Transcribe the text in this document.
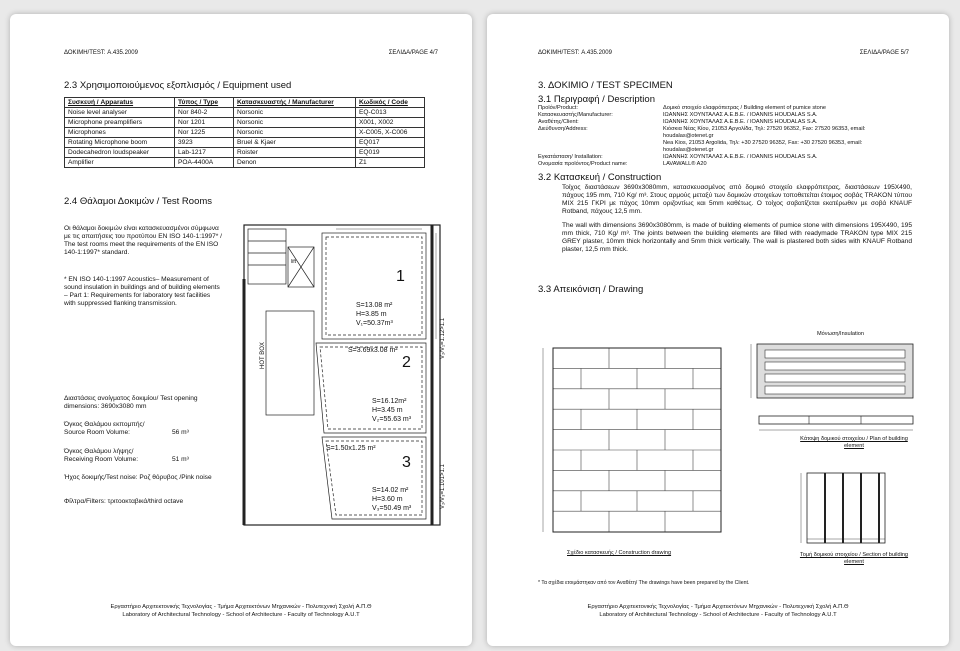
ΔΟΚΙΜΗ/TEST: Α.435.2009	ΣΕΛΙΔΑ/PAGE 4/7
2.3 Χρησιμοποιούμενος εξοπλισμός / Equipment used
Συσκευή / Apparatus	Τύπος / Type	Κατασκευαστής / Manufacturer	Κωδικός / Code
Noise level analyser	Nor 840-2	Norsonic	EQ-C013
Microphone preamplifiers	Nor 1201	Norsonic	X001, X002
Microphones	Nor 1225	Norsonic	X-C005, X-C006
Rotating Microphone boom	3923	Bruel & Kjaer	EQ017
Dodecahedron loudspeaker	Lab-1217	Roister	EQ019
Amplifier	POA-4400A	Denon	Z1
2.4 Θάλαμοι Δοκιμών / Test Rooms
Οι θάλαμοι δοκιμών είναι κατασκευασμένοι σύμφωνα με τις απαιτήσεις του προτύπου EN ISO 140-1:1997* / The test rooms meet the requirements of the EN ISO 140-1:1997* standard.
* EN ISO 140-1:1997 Acoustics– Measurement of sound insulation in buildings and of building elements – Part 1: Requirements for laboratory test facilities with suppressed flanking transmission.
Διαστάσεις ανοίγματος δοκιμίου/ Test opening dimensions: 3690x3080 mm
Όγκος Θαλάμου εκπομπής/ Source Room Volume:	56 m³
Όγκος Θαλάμου λήψης/ Receiving Room Volume:	51 m³
Ήχος δοκιμής/Test noise: Ροζ θόρυβος /Pink noise
Φίλτρα/Filters: τριτοοκταβικά/third octave
lift
1
S=13.08 m²
H=3.85 m
V₁=50.37m³
S=3.69x3.08 m²
2
S=16.12m²
H=3.45 m
V₂=55.63 m³
S=1.50x1.25 m²
3
S=14.02 m²
H=3.60 m
V₃=50.49 m³
HOT BOX	V₂/V₁=1.12>1.1
V₂/V₃=1.101>1.1
Εργαστήριο Αρχιτεκτονικής Τεχνολογίας - Τμήμα Αρχιτεκτόνων Μηχανικών - Πολυτεχνική Σχολή Α.Π.Θ
Laboratory of Architectural Technology - School of Architecture - Faculty of Technology A.U.T
ΔΟΚΙΜΗ/TEST: Α.435.2009	ΣΕΛΙΔΑ/PAGE 5/7
3. ΔΟΚΙΜΙΟ / TEST SPECIMEN
3.1 Περιγραφή / Description
Προϊόν/Product:	Δομικό στοιχείο ελαφρόπετρας / Building element of pumice stone
Κατασκευαστής/Manufacturer:	ΙΩΑΝΝΗΣ ΧΟΥΝΤΑΛΑΣ Α.Ε.Β.Ε. / IOANNIS HOUDALAS S.A.
Αναθέτης/Client:	ΙΩΑΝΝΗΣ ΧΟΥΝΤΑΛΑΣ Α.Ε.Β.Ε. / IOANNIS HOUDALAS S.A.
Διεύθυνση/Address:	Κιόσκια Νέας Κίου, 21053 Αργολίδα, Τηλ: 27520 96352, Fax: 27520 96353, email: houdalas@otenet.gr
	Nea Kios, 21053 Argolida, Τηλ: +30 27520 96352, Fax: +30 27520 96353, email: houdalas@otenet.gr
Εγκατάσταση/ Installation:	ΙΩΑΝΝΗΣ ΧΟΥΝΤΑΛΑΣ Α.Ε.Β.Ε. / IOANNIS HOUDALAS S.A.
Ονομασία προϊόντος/Product name:	LAVAWALL® A20
3.2 Κατασκευή / Construction
Τοίχος διαστάσεων 3690x3080mm, κατασκευασμένος από δομικό στοιχείο ελαφρόπετρας, διαστάσεων 195Χ490, πάχους 195 mm, 710 Kg/ m³. Στους αρμούς μεταξύ των δομικών στοιχείων τοποθετείται έτοιμος σοβάς TRAKON τύπου MIX 215 ΓΚΡΙ με πάχος 10mm οριζοντίως και 5mm καθέτως. Ο τοίχος σοβατίζεται εκατέρωθεν με σοβά KNAUF Rotband, πάχους 12,5 mm.
The wall with dimensions 3690x3080mm, is made of building elements of pumice stone with dimensions 195X490, 195 mm thick, 710 Kg/ m³. The joints between the building elements are filled with readymade TRAKON type MIX 215 GREY plaster, 10mm thick horizontally and 5mm thick vertically. The wall is plastered both sides with KNAUF Rotband plaster, 12,5 mm thick.
3.3 Απεικόνιση / Drawing
Σχέδιο κατασκευής / Construction drawing
Μόνωση/Insulation
Κάτοψη δομικού στοιχείου / Plan of building element
Τομή δομικού στοιχείου / Section of building element
* Τα σχέδια ετοιμάστηκαν από τον Αναθέτη/ The drawings have been prepared by the Client.
Εργαστήριο Αρχιτεκτονικής Τεχνολογίας - Τμήμα Αρχιτεκτόνων Μηχανικών - Πολυτεχνική Σχολή Α.Π.Θ
Laboratory of Architectural Technology - School of Architecture - Faculty of Technology A.U.T
